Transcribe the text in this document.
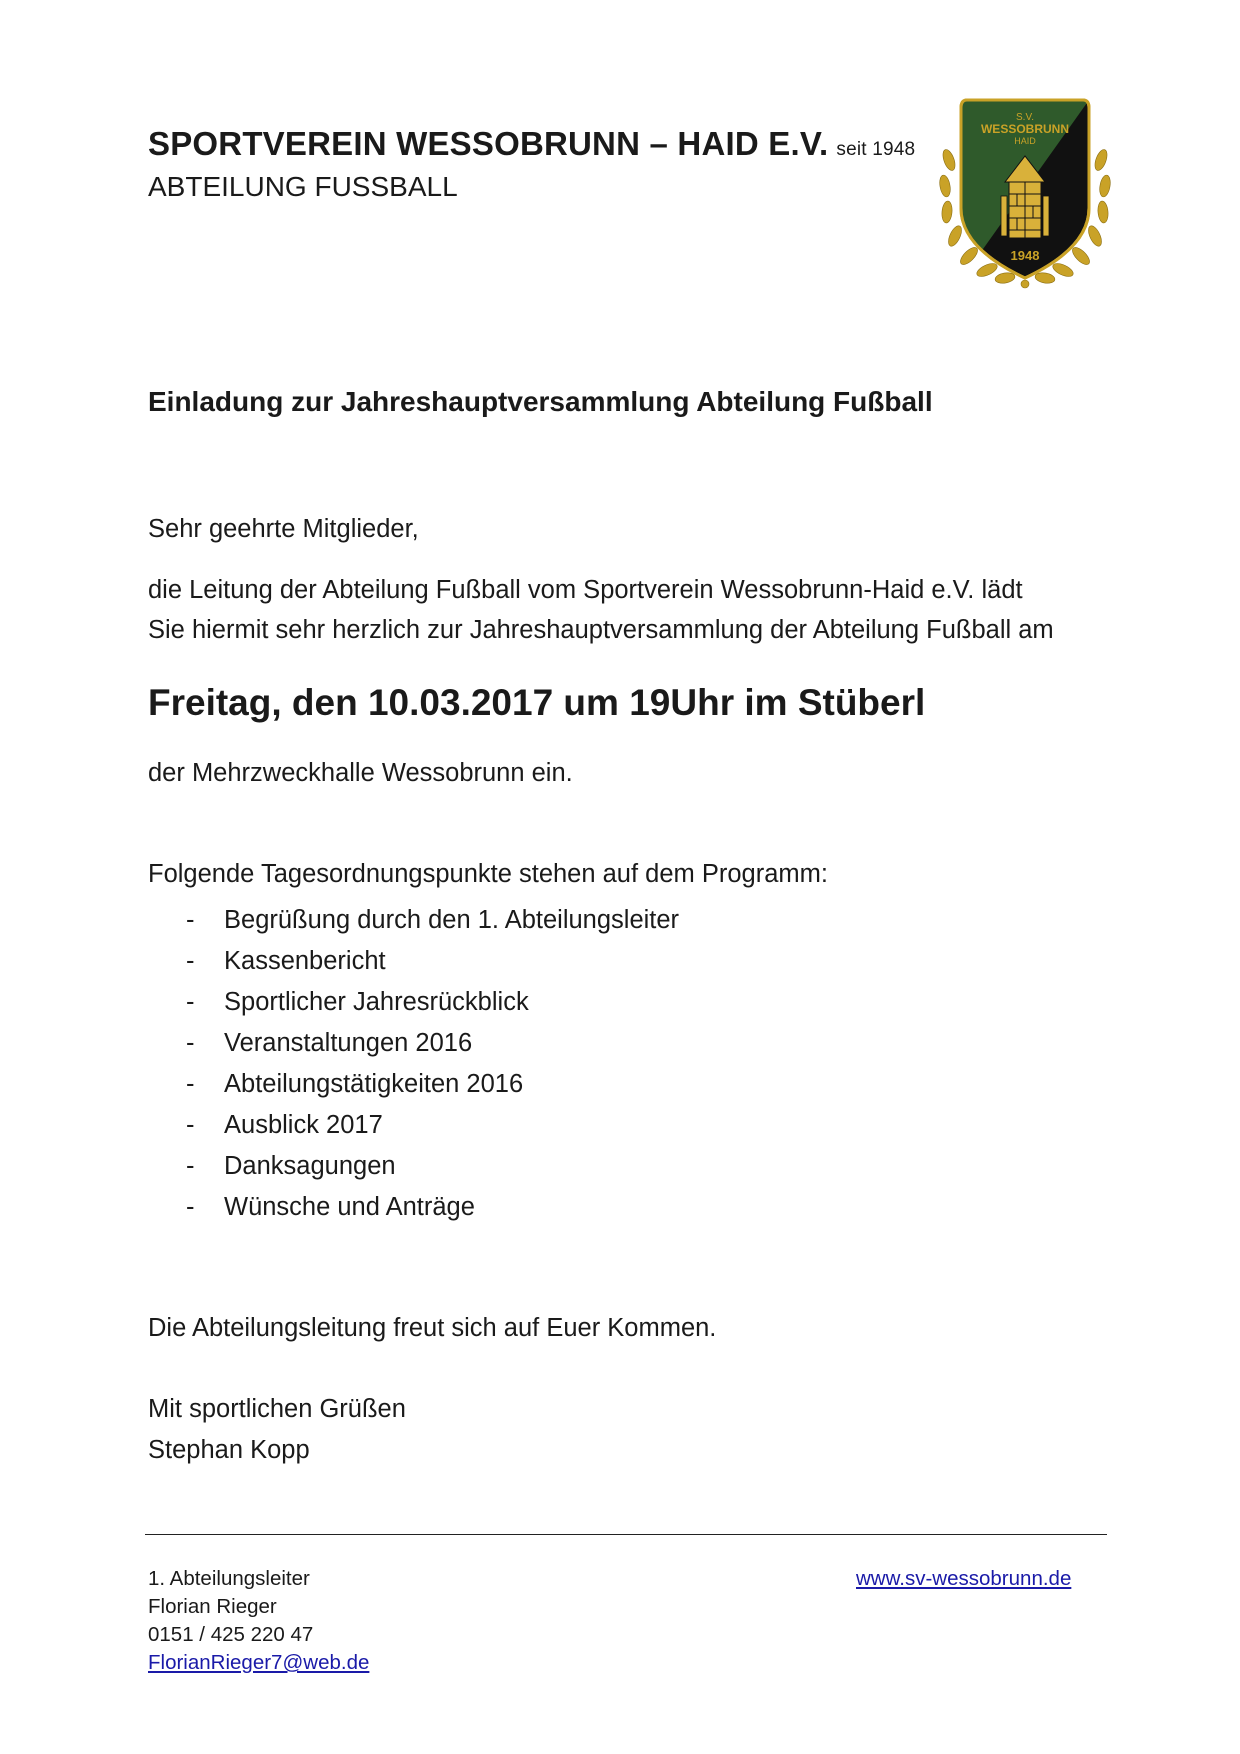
SPORTVEREIN WESSOBRUNN – HAID E.V. seit 1948
ABTEILUNG FUSSBALL
S.V.
WESSOBRUNN
HAID
1948
Einladung zur Jahreshauptversammlung Abteilung Fußball
Sehr geehrte Mitglieder,
die Leitung der Abteilung Fußball vom Sportverein Wessobrunn-Haid e.V. lädt
Sie hiermit sehr herzlich zur Jahreshauptversammlung der Abteilung Fußball am
Freitag, den 10.03.2017 um 19Uhr im Stüberl
der Mehrzweckhalle Wessobrunn ein.
Folgende Tagesordnungspunkte stehen auf dem Programm:
-	Begrüßung durch den 1. Abteilungsleiter
-	Kassenbericht
-	Sportlicher Jahresrückblick
-	Veranstaltungen 2016
-	Abteilungstätigkeiten 2016
-	Ausblick 2017
-	Danksagungen
-	Wünsche und Anträge
Die Abteilungsleitung freut sich auf Euer Kommen.
Mit sportlichen Grüßen
Stephan Kopp
1. Abteilungsleiter
Florian Rieger
0151 / 425 220 47
FlorianRieger7@web.de
www.sv-wessobrunn.de
